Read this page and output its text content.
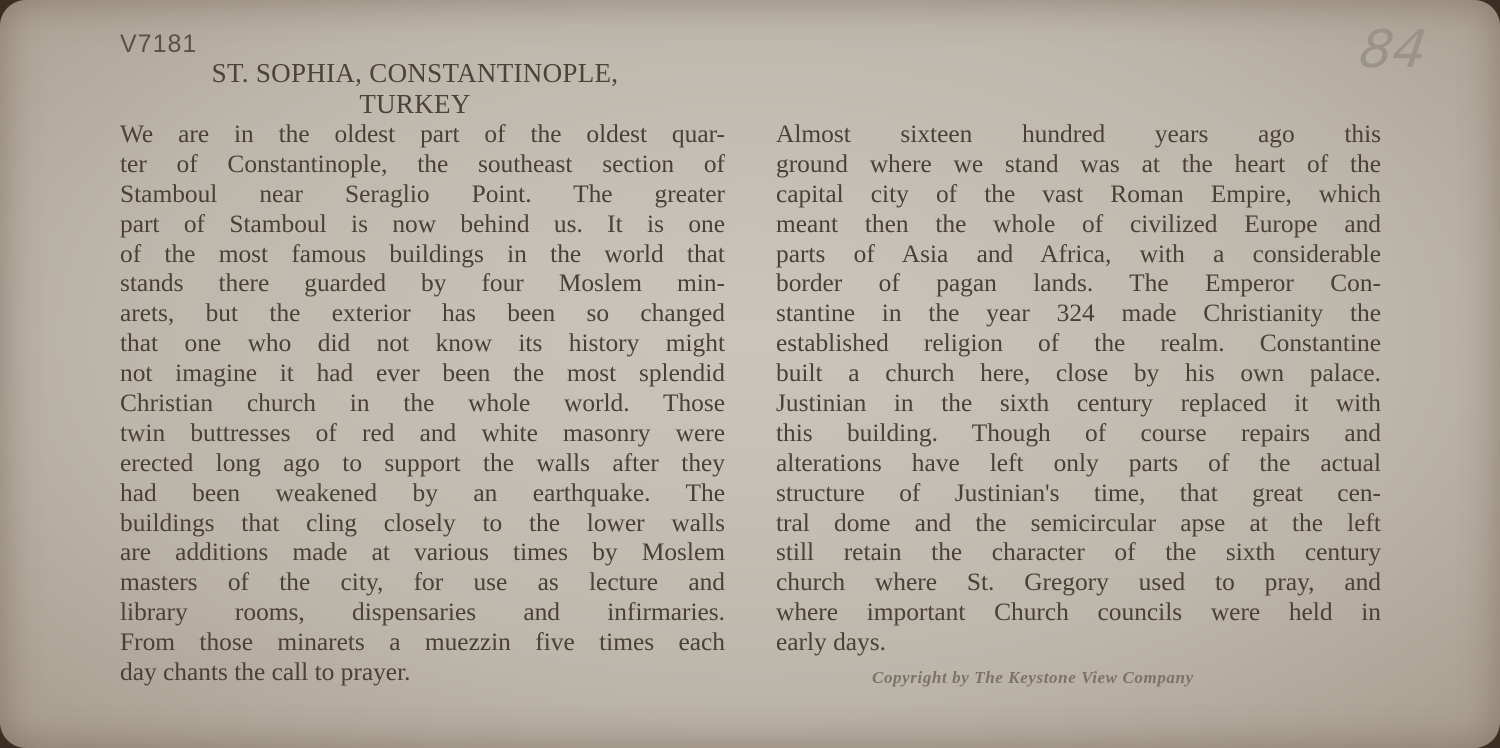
V7181	84
ST. SOPHIA, CONSTANTINOPLE,
TURKEY
We are in the oldest part of the oldest quar-
ter of Constantinople, the southeast section of
Stamboul near Seraglio Point. The greater
part of Stamboul is now behind us. It is one
of the most famous buildings in the world that
stands there guarded by four Moslem min-
arets, but the exterior has been so changed
that one who did not know its history might
not imagine it had ever been the most splendid
Christian church in the whole world. Those
twin buttresses of red and white masonry were
erected long ago to support the walls after they
had been weakened by an earthquake. The
buildings that cling closely to the lower walls
are additions made at various times by Moslem
masters of the city, for use as lecture and
library rooms, dispensaries and infirmaries.
From those minarets a muezzin five times each
day chants the call to prayer.
Almost sixteen hundred years ago this
ground where we stand was at the heart of the
capital city of the vast Roman Empire, which
meant then the whole of civilized Europe and
parts of Asia and Africa, with a considerable
border of pagan lands. The Emperor Con-
stantine in the year 324 made Christianity the
established religion of the realm. Constantine
built a church here, close by his own palace.
Justinian in the sixth century replaced it with
this building. Though of course repairs and
alterations have left only parts of the actual
structure of Justinian's time, that great cen-
tral dome and the semicircular apse at the left
still retain the character of the sixth century
church where St. Gregory used to pray, and
where important Church councils were held in
early days.
Copyright by The Keystone View Company
